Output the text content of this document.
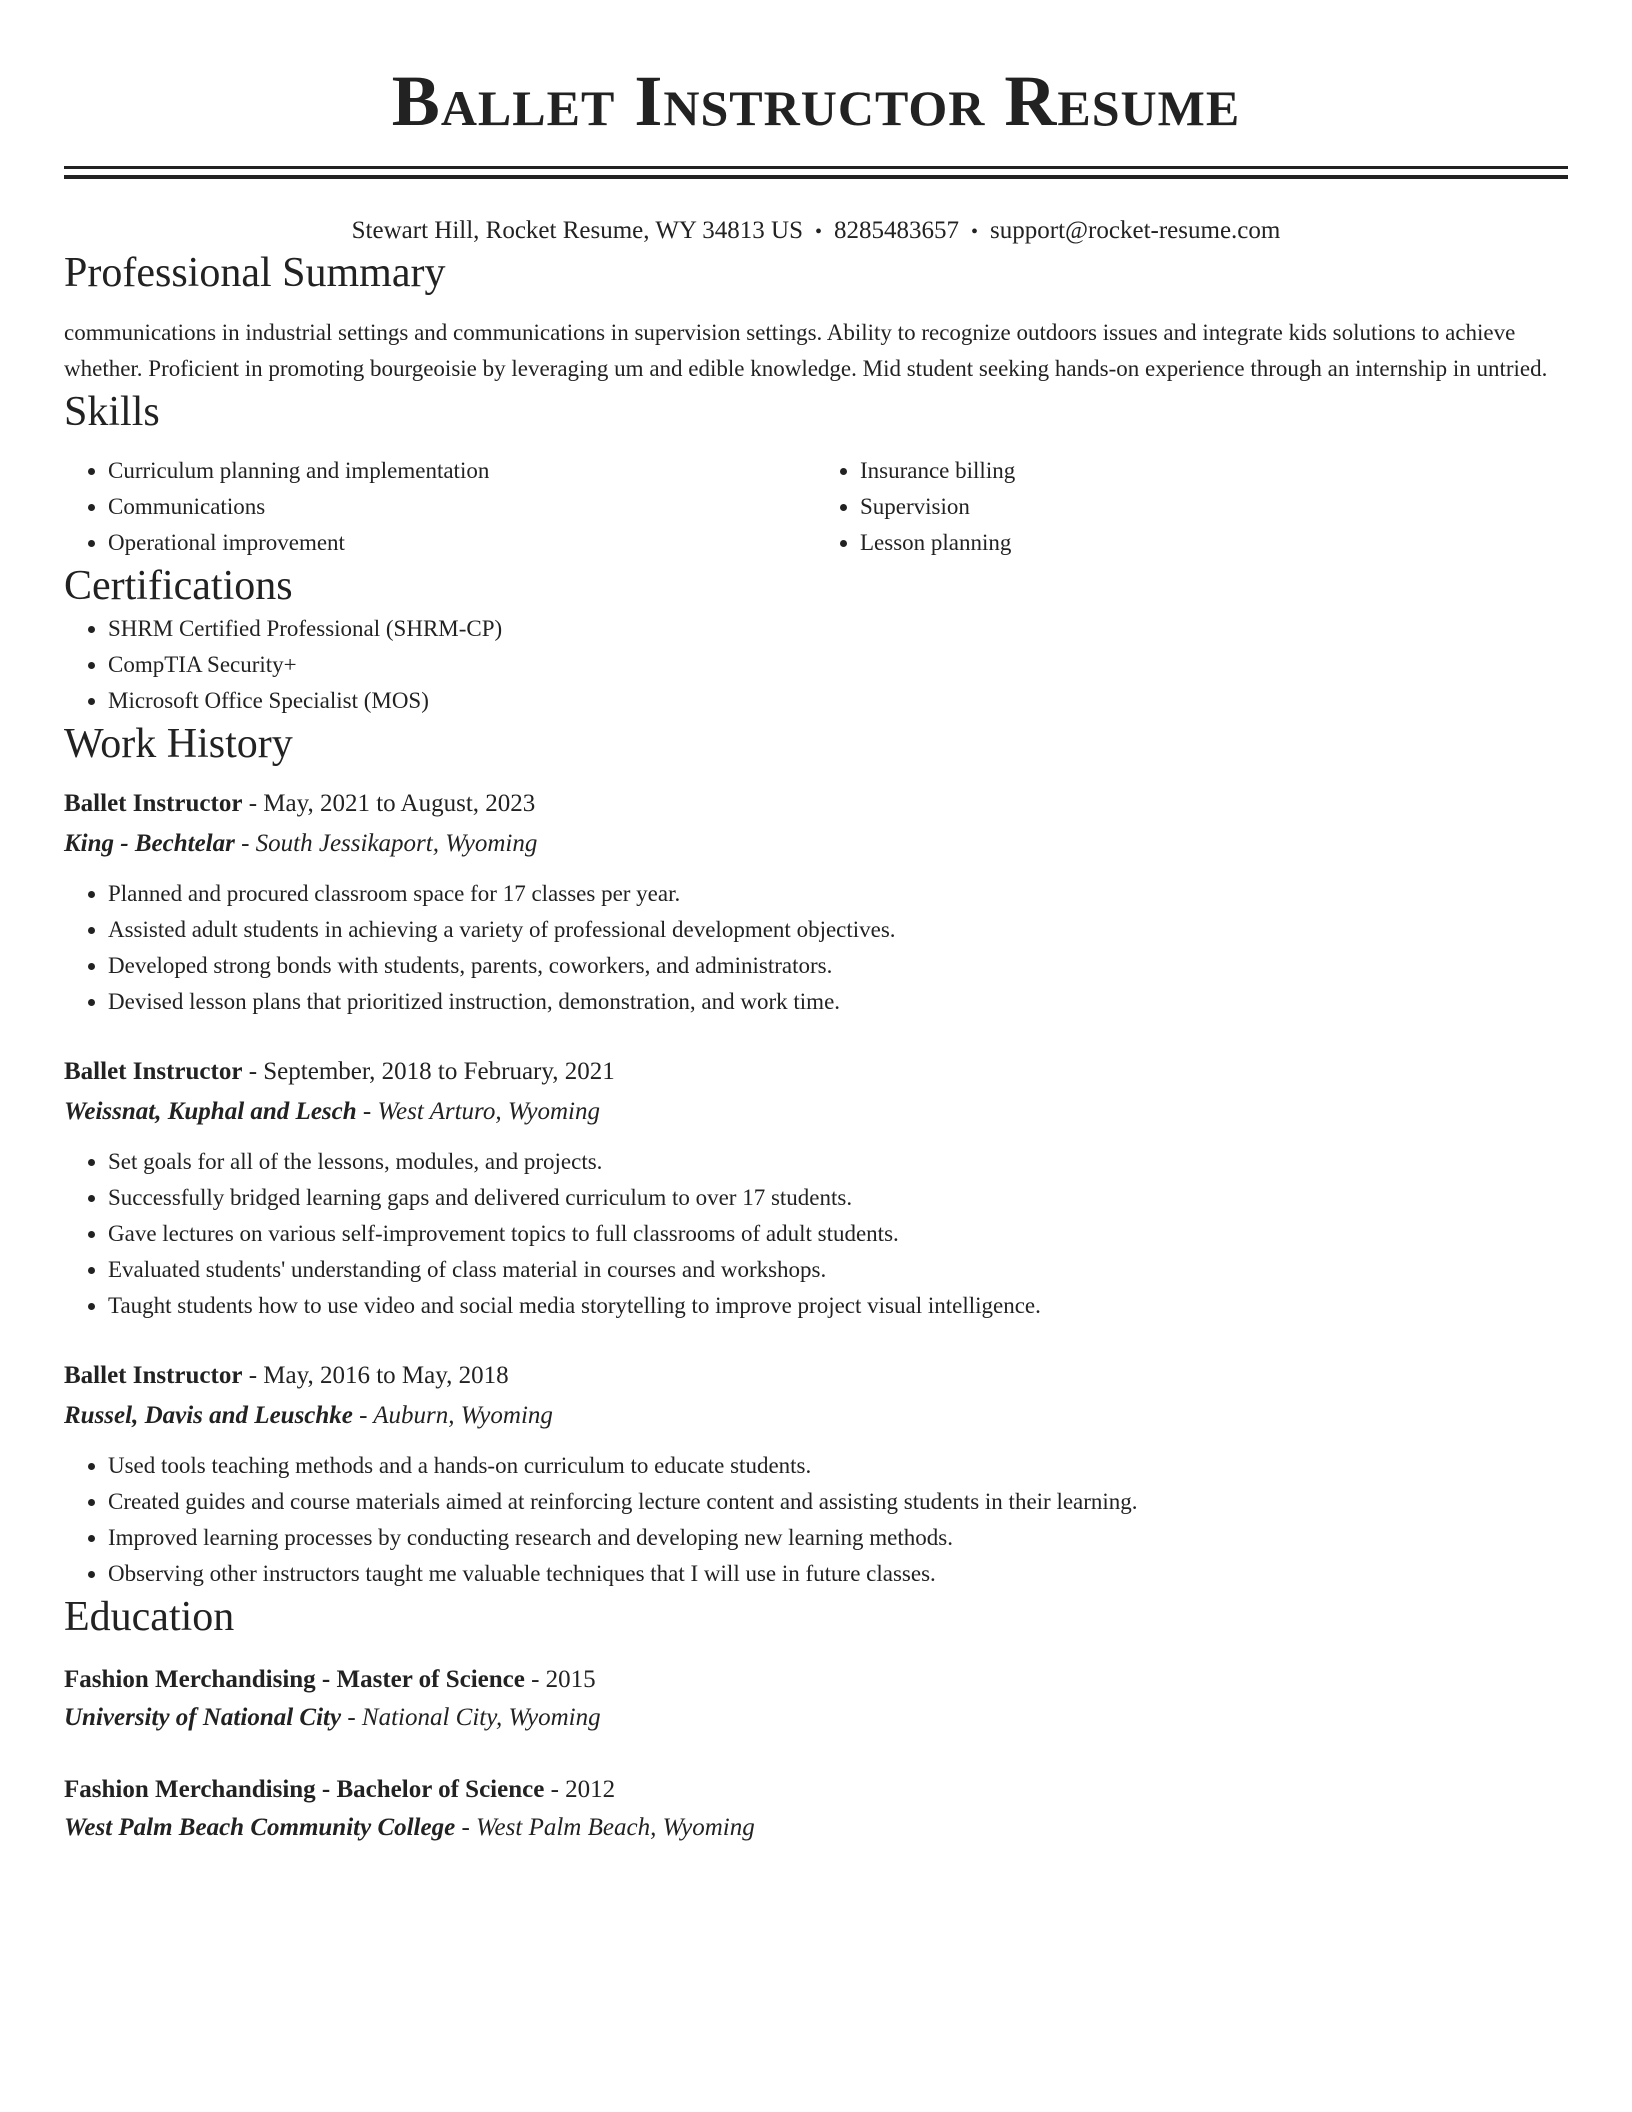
Ballet Instructor Resume
Stewart Hill, Rocket Resume, WY 34813 US • 8285483657 • support@rocket-resume.com
Professional Summary
communications in industrial settings and communications in supervision settings. Ability to recognize outdoors issues and integrate kids solutions to achieve whether. Proficient in promoting bourgeoisie by leveraging um and edible knowledge. Mid student seeking hands-on experience through an internship in untried.
Skills
• Curriculum planning and implementation
• Communications
• Operational improvement
• Insurance billing
• Supervision
• Lesson planning
Certifications
• SHRM Certified Professional (SHRM-CP)
• CompTIA Security+
• Microsoft Office Specialist (MOS)
Work History
Ballet Instructor - May, 2021 to August, 2023
King - Bechtelar - South Jessikaport, Wyoming
• Planned and procured classroom space for 17 classes per year.
• Assisted adult students in achieving a variety of professional development objectives.
• Developed strong bonds with students, parents, coworkers, and administrators.
• Devised lesson plans that prioritized instruction, demonstration, and work time.
Ballet Instructor - September, 2018 to February, 2021
Weissnat, Kuphal and Lesch - West Arturo, Wyoming
• Set goals for all of the lessons, modules, and projects.
• Successfully bridged learning gaps and delivered curriculum to over 17 students.
• Gave lectures on various self-improvement topics to full classrooms of adult students.
• Evaluated students' understanding of class material in courses and workshops.
• Taught students how to use video and social media storytelling to improve project visual intelligence.
Ballet Instructor - May, 2016 to May, 2018
Russel, Davis and Leuschke - Auburn, Wyoming
• Used tools teaching methods and a hands-on curriculum to educate students.
• Created guides and course materials aimed at reinforcing lecture content and assisting students in their learning.
• Improved learning processes by conducting research and developing new learning methods.
• Observing other instructors taught me valuable techniques that I will use in future classes.
Education
Fashion Merchandising - Master of Science - 2015
University of National City - National City, Wyoming
Fashion Merchandising - Bachelor of Science - 2012
West Palm Beach Community College - West Palm Beach, Wyoming
